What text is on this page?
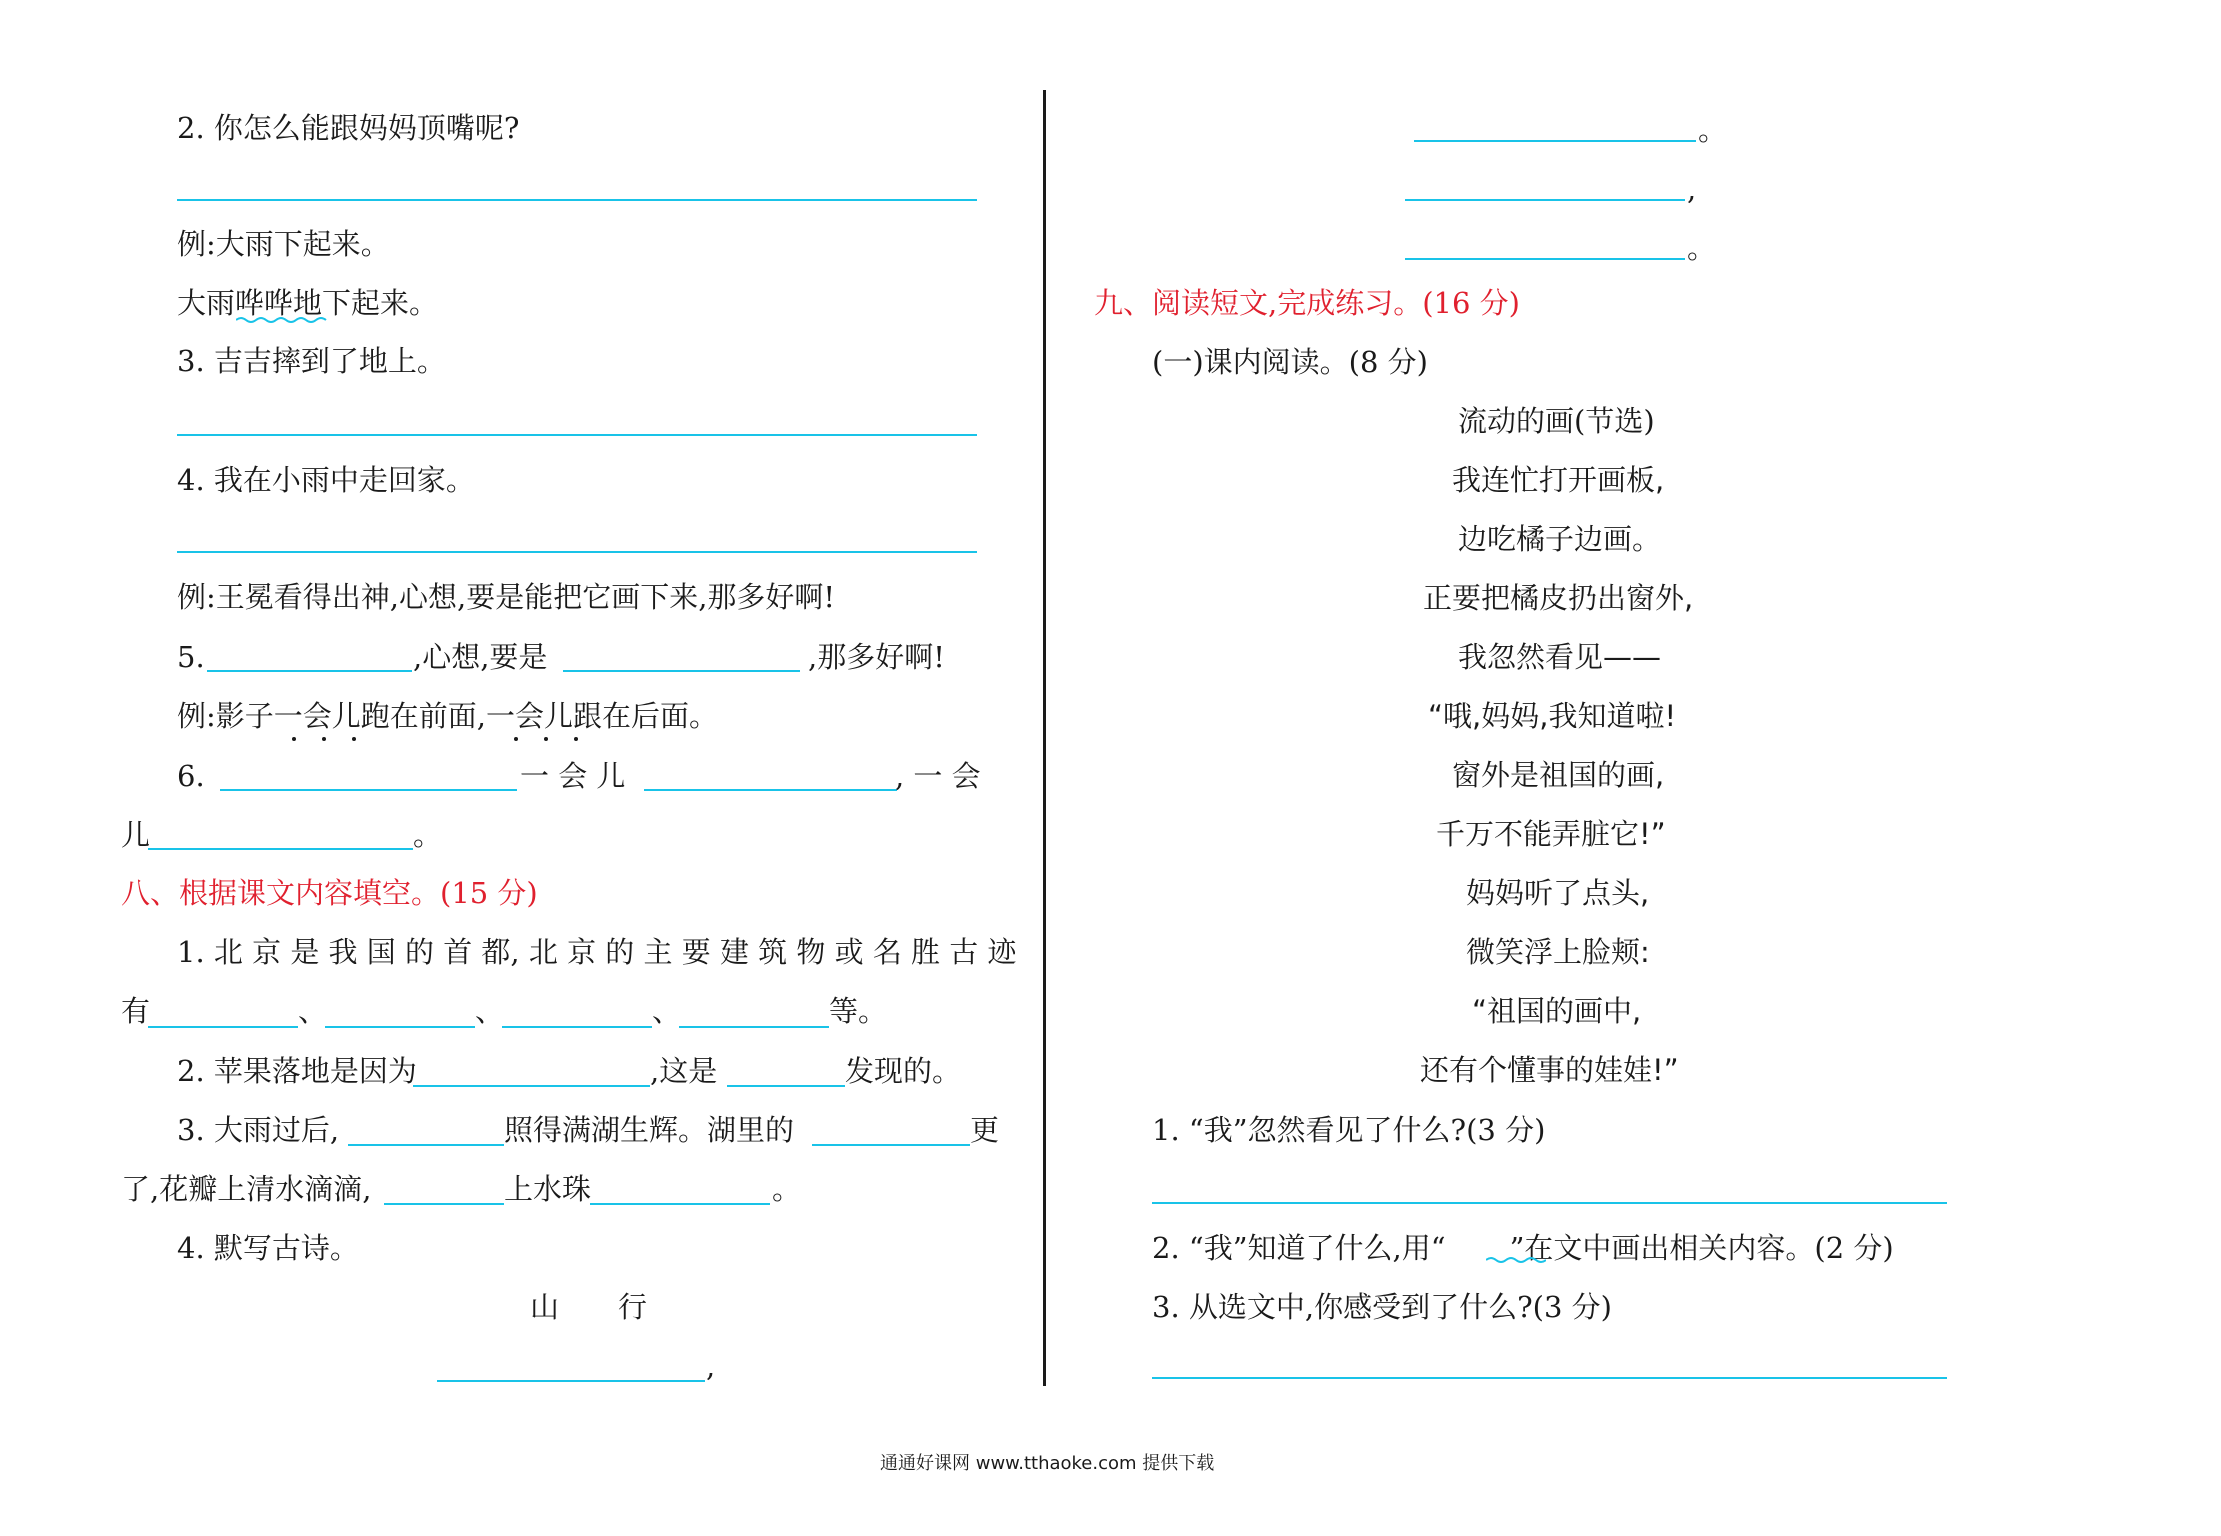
2. 你怎么能跟妈妈顶嘴呢?
例:大雨下起来。
大雨哗哗地下起来。
3. 吉吉摔到了地上。
4. 我在小雨中走回家。
例:王冕看得出神,心想,要是能把它画下来,那多好啊!
5.	,心想,要是	,那多好啊!
例:影子一会儿跑在前面,一会儿跟在后面。
6.	一 会 儿	, 一 会
儿	。
八、根据课文内容填空。(15 分)
1. 北 京 是 我 国 的 首 都, 北 京 的 主 要 建 筑 物 或 名 胜 古 迹
有	、	、	、	等。
2. 苹果落地是因为	,这是	发现的。
3. 大雨过后,	照得满湖生辉。湖里的	更
了,花瓣上清水滴滴,	上水珠	。
4. 默写古诗。
山 行
,
。
,
。
九、阅读短文,完成练习。(16 分)
(一)课内阅读。(8 分)
流动的画(节选)
我连忙打开画板,
边吃橘子边画。
正要把橘皮扔出窗外,
我忽然看见——
“哦,妈妈,我知道啦!
窗外是祖国的画,
千万不能弄脏它!”
妈妈听了点头,
微笑浮上脸颊:
“祖国的画中,
还有个懂事的娃娃!”
1. “我”忽然看见了什么?(3 分)
2. “我”知道了什么,用“ ”在文中画出相关内容。(2 分)
3. 从选文中,你感受到了什么?(3 分)
通通好课网 www.tthaoke.com 提供下载
